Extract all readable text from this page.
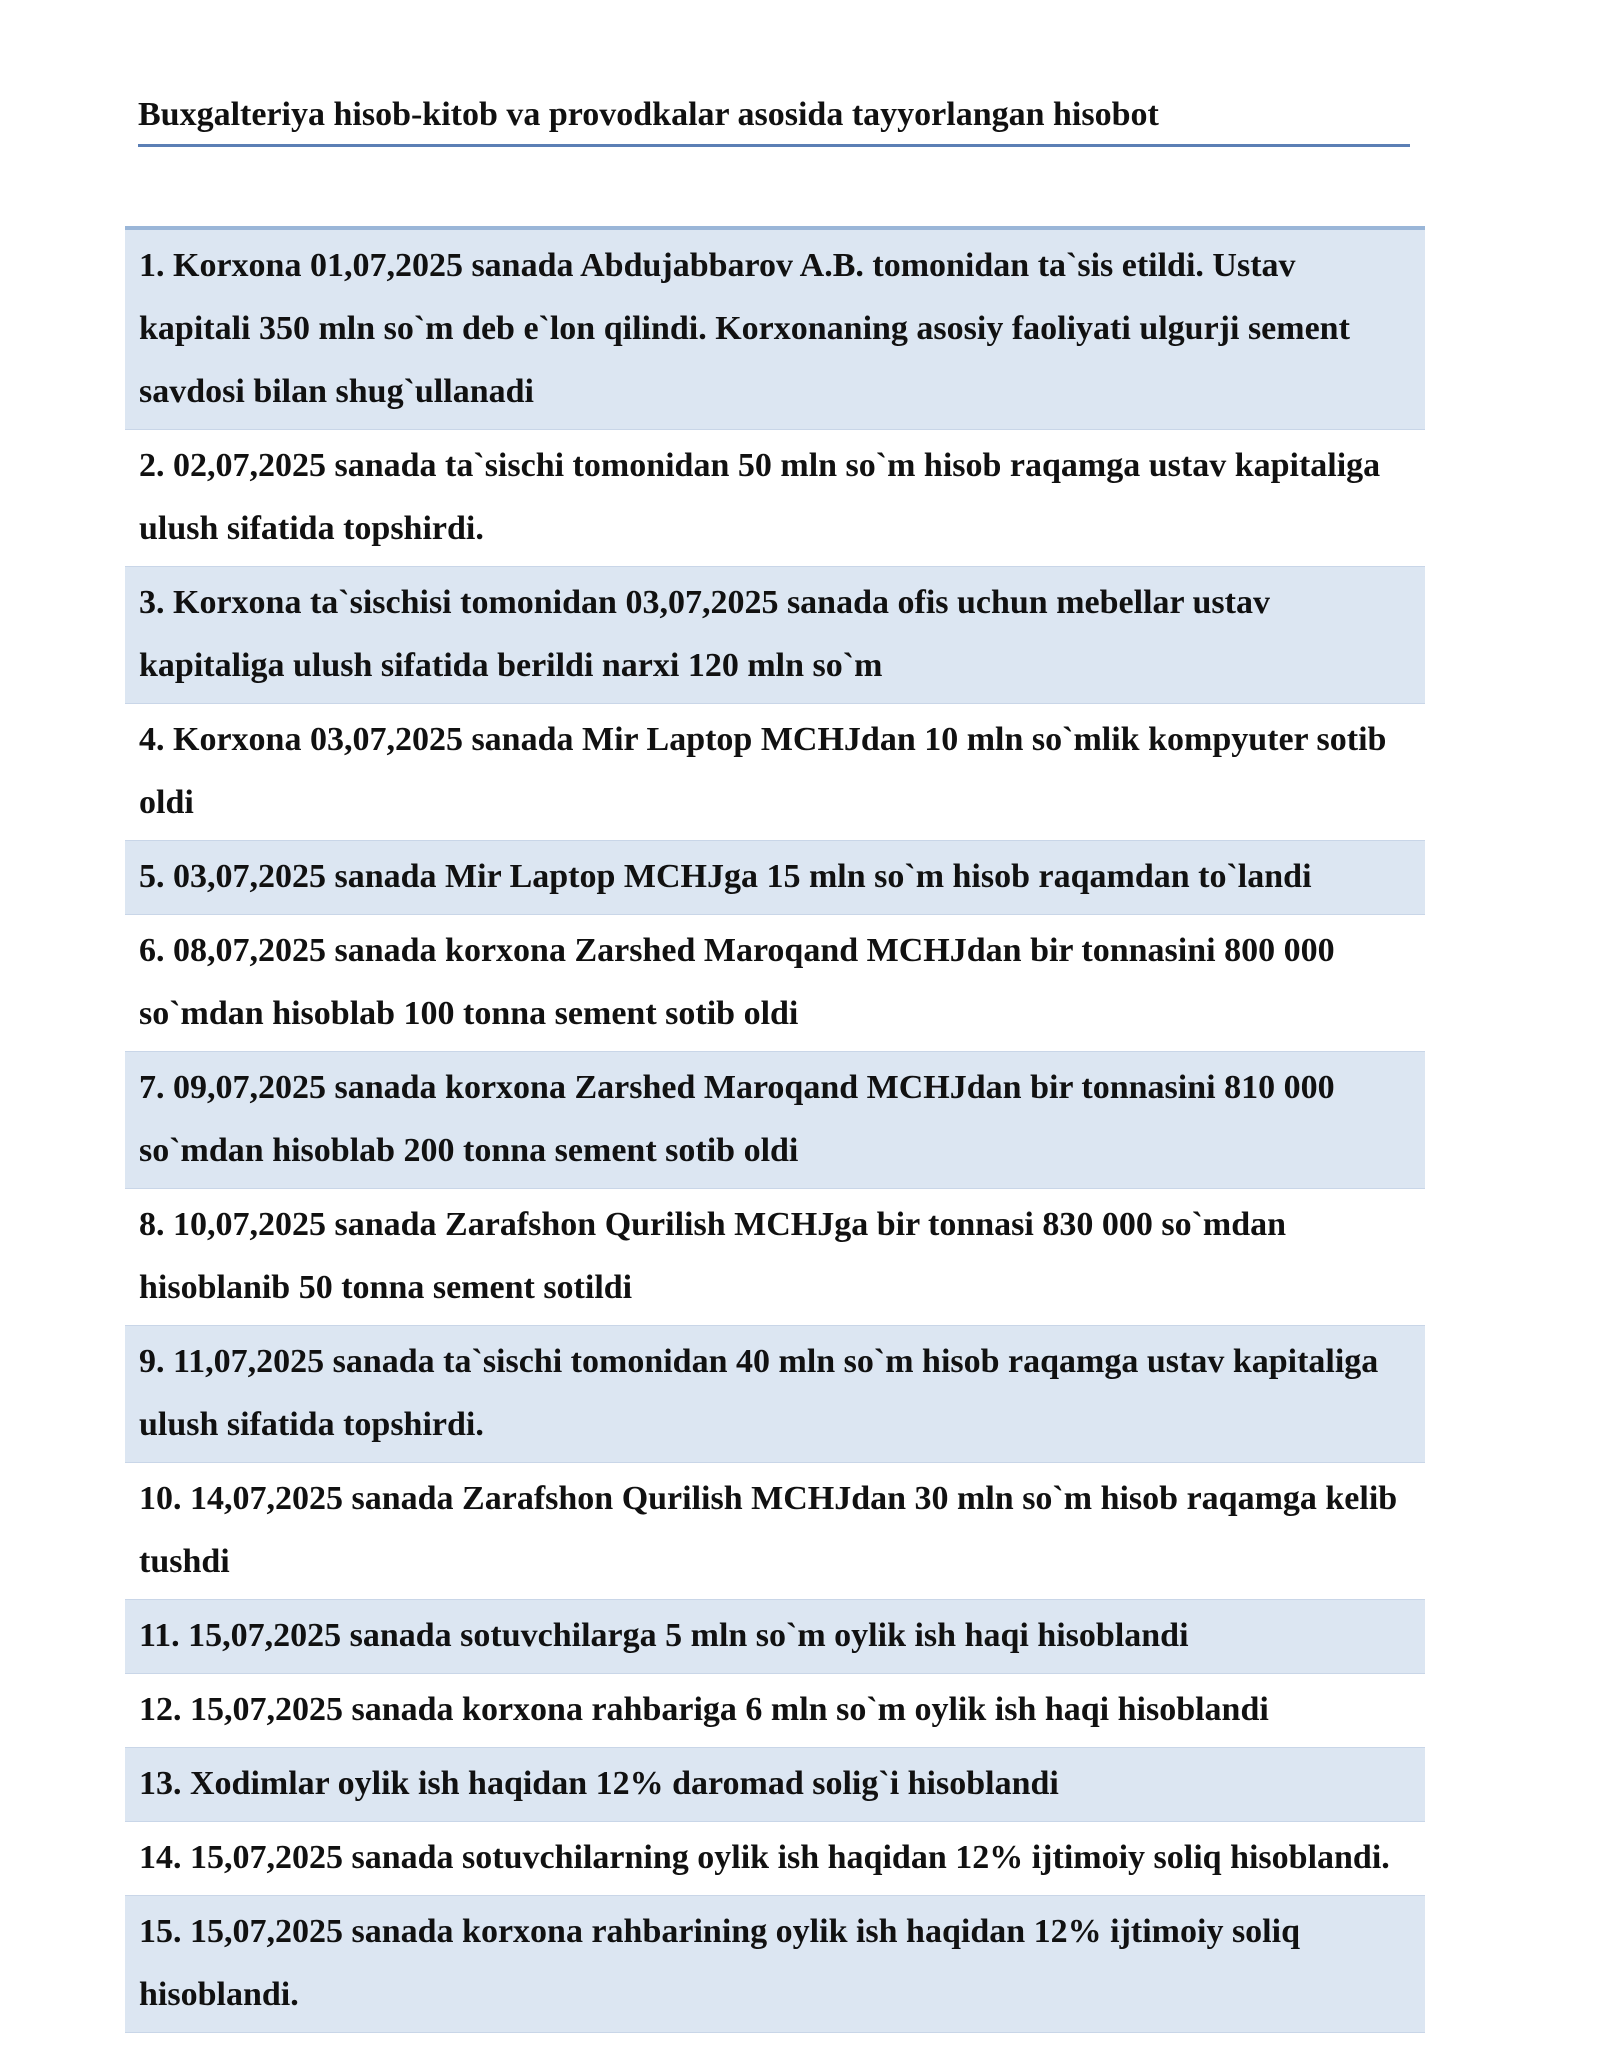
Buxgalteriya hisob-kitob va provodkalar asosida tayyorlangan hisobot
1. Korxona 01,07,2025 sanada Abdujabbarov A.B. tomonidan ta`sis etildi. Ustav kapitali 350 mln so`m deb e`lon qilindi. Korxonaning asosiy faoliyati ulgurji sement savdosi bilan shug`ullanadi
2. 02,07,2025 sanada ta`sischi tomonidan 50 mln so`m hisob raqamga ustav kapitaliga ulush sifatida topshirdi.
3. Korxona ta`sischisi tomonidan 03,07,2025 sanada ofis uchun mebellar ustav kapitaliga ulush sifatida berildi narxi 120 mln so`m
4. Korxona 03,07,2025 sanada Mir Laptop MCHJdan 10 mln so`mlik kompyuter sotib oldi
5. 03,07,2025 sanada Mir Laptop MCHJga 15 mln so`m hisob raqamdan to`landi
6. 08,07,2025 sanada korxona Zarshed Maroqand MCHJdan bir tonnasini 800 000 so`mdan hisoblab 100 tonna sement sotib oldi
7. 09,07,2025 sanada korxona Zarshed Maroqand MCHJdan bir tonnasini 810 000 so`mdan hisoblab 200 tonna sement sotib oldi
8. 10,07,2025 sanada Zarafshon Qurilish MCHJga bir tonnasi 830 000 so`mdan hisoblanib 50 tonna sement sotildi
9. 11,07,2025 sanada ta`sischi tomonidan 40 mln so`m hisob raqamga ustav kapitaliga ulush sifatida topshirdi.
10. 14,07,2025 sanada Zarafshon Qurilish MCHJdan 30 mln so`m hisob raqamga kelib tushdi
11. 15,07,2025 sanada sotuvchilarga 5 mln so`m oylik ish haqi hisoblandi
12. 15,07,2025 sanada korxona rahbariga 6 mln so`m oylik ish haqi hisoblandi
13. Xodimlar oylik ish haqidan 12% daromad solig`i hisoblandi
14. 15,07,2025 sanada sotuvchilarning oylik ish haqidan 12% ijtimoiy soliq hisoblandi.
15. 15,07,2025 sanada korxona rahbarining oylik ish haqidan 12% ijtimoiy soliq hisoblandi.
